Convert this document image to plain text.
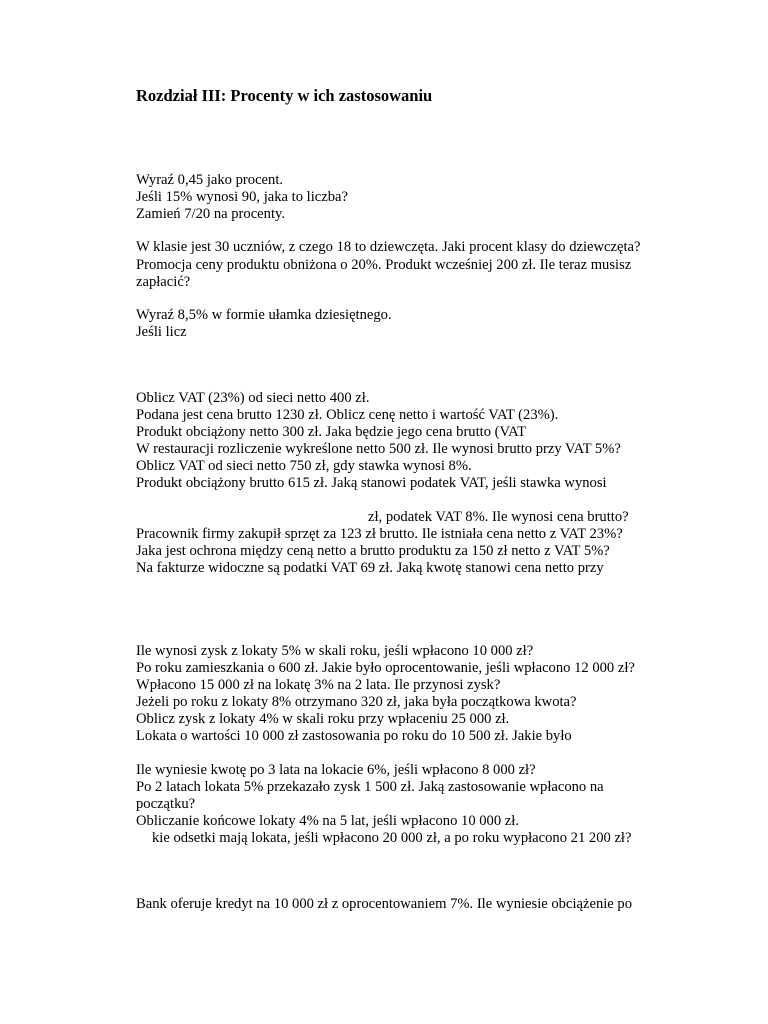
Rozdział III: Procenty w ich zastosowaniu
Wyraź 0,45 jako procent.
Jeśli 15% wynosi 90, jaka to liczba?
Zamień 7/20 na procenty.
W klasie jest 30 uczniów, z czego 18 to dziewczęta. Jaki procent klasy do dziewczęta?
Promocja ceny produktu obniżona o 20%. Produkt wcześniej 200 zł. Ile teraz musisz
zapłacić?
Wyraź 8,5% w formie ułamka dziesiętnego.
Jeśli licz
Oblicz VAT (23%) od sieci netto 400 zł.
Podana jest cena brutto 1230 zł. Oblicz cenę netto i wartość VAT (23%).
Produkt obciążony netto 300 zł. Jaka będzie jego cena brutto (VAT
W restauracji rozliczenie wykreślone netto 500 zł. Ile wynosi brutto przy VAT 5%?
Oblicz VAT od sieci netto 750 zł, gdy stawka wynosi 8%.
Produkt obciążony brutto 615 zł. Jaką stanowi podatek VAT, jeśli stawka wynosi
zł, podatek VAT 8%. Ile wynosi cena brutto?
Pracownik firmy zakupił sprzęt za 123 zł brutto. Ile istniała cena netto z VAT 23%?
Jaka jest ochrona między ceną netto a brutto produktu za 150 zł netto z VAT 5%?
Na fakturze widoczne są podatki VAT 69 zł. Jaką kwotę stanowi cena netto przy
Ile wynosi zysk z lokaty 5% w skali roku, jeśli wpłacono 10 000 zł?
Po roku zamieszkania o 600 zł. Jakie było oprocentowanie, jeśli wpłacono 12 000 zł?
Wpłacono 15 000 zł na lokatę 3% na 2 lata. Ile przynosi zysk?
Jeżeli po roku z lokaty 8% otrzymano 320 zł, jaka była początkowa kwota?
Oblicz zysk z lokaty 4% w skali roku przy wpłaceniu 25 000 zł.
Lokata o wartości 10 000 zł zastosowania po roku do 10 500 zł. Jakie było
Ile wyniesie kwotę po 3 lata na lokacie 6%, jeśli wpłacono 8 000 zł?
Po 2 latach lokata 5% przekazało zysk 1 500 zł. Jaką zastosowanie wpłacono na
początku?
Obliczanie końcowe lokaty 4% na 5 lat, jeśli wpłacono 10 000 zł.
kie odsetki mają lokata, jeśli wpłacono 20 000 zł, a po roku wypłacono 21 200 zł?
Bank oferuje kredyt na 10 000 zł z oprocentowaniem 7%. Ile wyniesie obciążenie po
